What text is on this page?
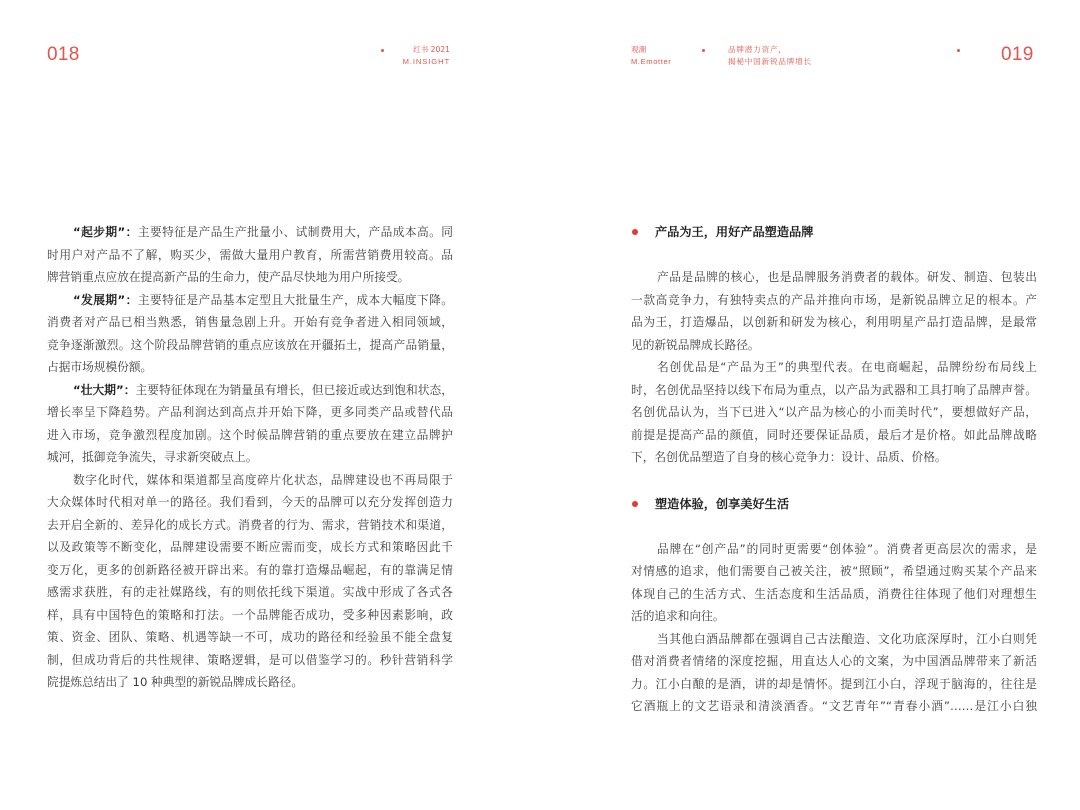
018	红书 2021
M.INSIGHT
“起步期”：主要特征是产品生产批量小、试制费用大，产品成本高。同
时用户对产品不了解，购买少，需做大量用户教育，所需营销费用较高。品
牌营销重点应放在提高新产品的生命力，使产品尽快地为用户所接受。
“发展期”：主要特征是产品基本定型且大批量生产，成本大幅度下降。
消费者对产品已相当熟悉，销售量急剧上升。开始有竞争者进入相同领域，
竞争逐渐激烈。这个阶段品牌营销的重点应该放在开疆拓土，提高产品销量，
占据市场规模份额。
“壮大期”：主要特征体现在为销量虽有增长，但已接近或达到饱和状态，
增长率呈下降趋势。产品利润达到高点并开始下降，更多同类产品或替代品
进入市场，竞争激烈程度加剧。这个时候品牌营销的重点要放在建立品牌护
城河，抵御竞争流失，寻求新突破点上。
数字化时代，媒体和渠道都呈高度碎片化状态，品牌建设也不再局限于
大众媒体时代相对单一的路径。我们看到，今天的品牌可以充分发挥创造力
去开启全新的、差异化的成长方式。消费者的行为、需求，营销技术和渠道，
以及政策等不断变化，品牌建设需要不断应需而变，成长方式和策略因此千
变万化，更多的创新路径被开辟出来。有的靠打造爆品崛起，有的靠满足情
感需求获胜，有的走社媒路线，有的则依托线下渠道。实战中形成了各式各
样，具有中国特色的策略和打法。一个品牌能否成功，受多种因素影响，政
策、资金、团队、策略、机遇等缺一不可，成功的路径和经验虽不能全盘复
制，但成功背后的共性规律、策略逻辑，是可以借鉴学习的。秒针营销科学
院提炼总结出了 10 种典型的新锐品牌成长路径。
观潮
M.Emotter
品牌潜力资产，
揭秘中国新锐品牌增长	019
产品为王，用好产品塑造品牌
产品是品牌的核心，也是品牌服务消费者的载体。研发、制造、包装出
一款高竞争力，有独特卖点的产品并推向市场，是新锐品牌立足的根本。产
品为王，打造爆品，以创新和研发为核心，利用明星产品打造品牌，是最常
见的新锐品牌成长路径。
名创优品是“产品为王”的典型代表。在电商崛起，品牌纷纷布局线上
时，名创优品坚持以线下布局为重点，以产品为武器和工具打响了品牌声誉。
名创优品认为，当下已进入“以产品为核心的小而美时代”，要想做好产品，
前提是提高产品的颜值，同时还要保证品质，最后才是价格。如此品牌战略
下，名创优品塑造了自身的核心竞争力：设计、品质、价格。
塑造体验，创享美好生活
品牌在“创产品”的同时更需要“创体验”。消费者更高层次的需求，是
对情感的追求，他们需要自己被关注，被“照顾”，希望通过购买某个产品来
体现自己的生活方式、生活态度和生活品质，消费往往体现了他们对理想生
活的追求和向往。
当其他白酒品牌都在强调自己古法酿造、文化功底深厚时，江小白则凭
借对消费者情绪的深度挖掘，用直达人心的文案，为中国酒品牌带来了新活
力。江小白酿的是酒，讲的却是情怀。提到江小白，浮现于脑海的，往往是
它酒瓶上的文艺语录和清淡酒香。“文艺青年”“青春小酒”……是江小白独
